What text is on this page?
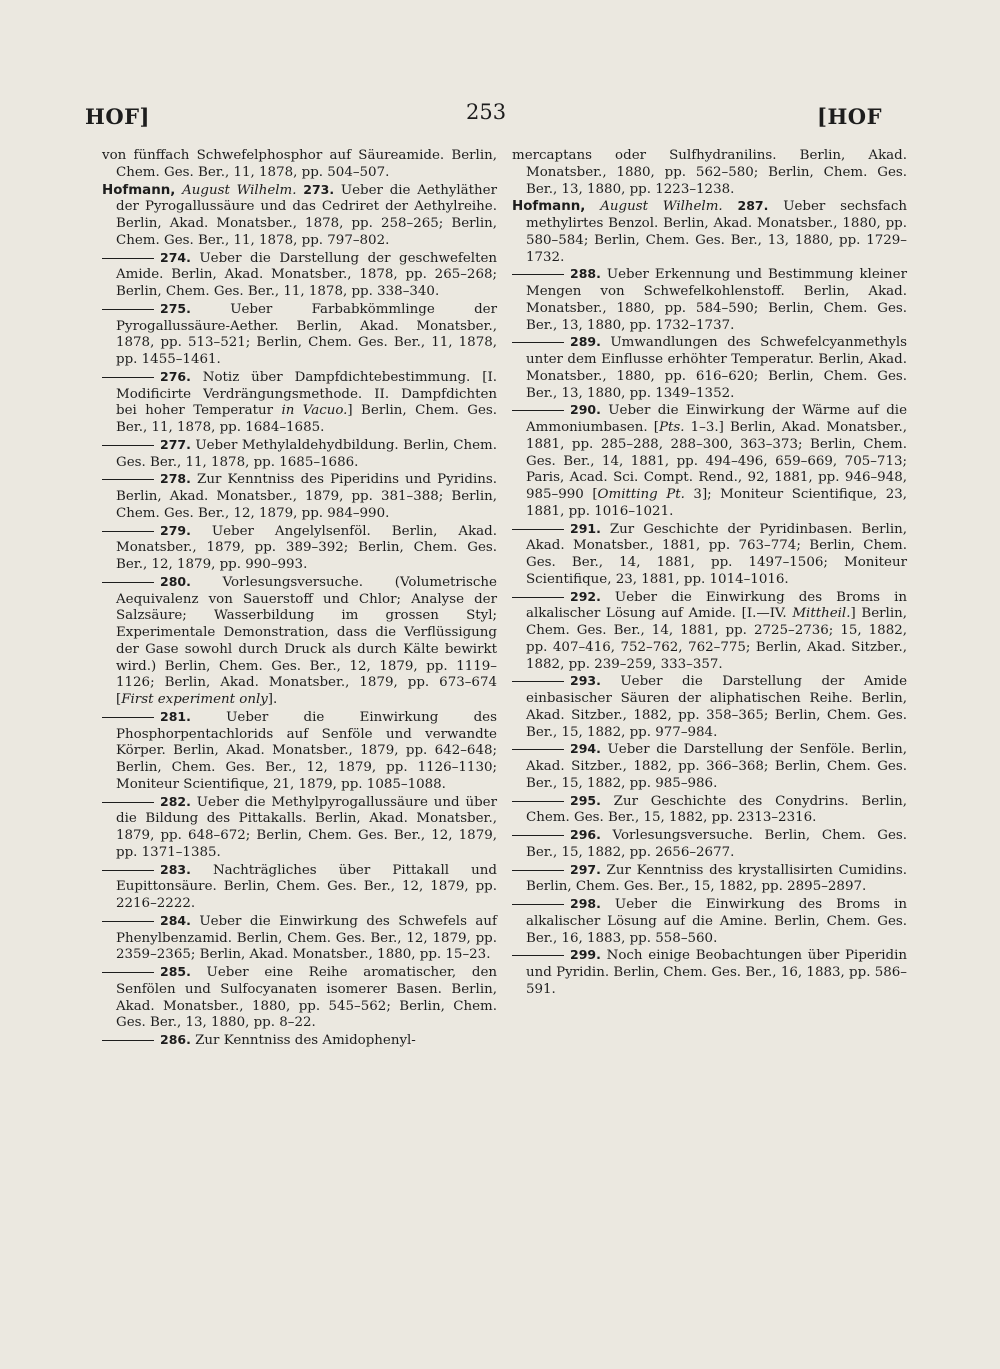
HOF]	253	[HOF

von fünffach Schwefelphosphor auf Säureamide. Berlin, Chem. Ges. Ber., 11, 1878, pp. 504–507.

Hofmann, August Wilhelm. 273. Ueber die Aethyläther der Pyrogallussäure und das Cedriret der Aethylreihe. Berlin, Akad. Monatsber., 1878, pp. 258–265; Berlin, Chem. Ges. Ber., 11, 1878, pp. 797–802.

274. Ueber die Darstellung der geschwefelten Amide. Berlin, Akad. Monatsber., 1878, pp. 265–268; Berlin, Chem. Ges. Ber., 11, 1878, pp. 338–340.

275.	Ueber Farbabkömmlinge der Pyrogallussäure-Aether. Berlin, Akad. Monatsber., 1878, pp. 513–521; Berlin, Chem. Ges. Ber., 11, 1878, pp. 1455–1461.

276. Notiz über Dampfdichtebestimmung. [I. Modificirte Verdrängungsmethode. II. Dampfdichten bei hoher Temperatur in Vacuo.] Berlin, Chem. Ges. Ber., 11, 1878, pp. 1684–1685.

277. Ueber Methylaldehydbildung. Berlin, Chem. Ges. Ber., 11, 1878, pp. 1685–1686.

278. Zur Kenntniss des Piperidins und Pyridins. Berlin, Akad. Monatsber., 1879, pp. 381–388; Berlin, Chem. Ges. Ber., 12, 1879, pp. 984–990.

279. Ueber Angelylsenföl. Berlin, Akad. Monatsber., 1879, pp. 389–392; Berlin, Chem. Ges. Ber., 12, 1879, pp. 990–993.

280. Vorlesungsversuche. (Volumetrische Aequivalenz von Sauerstoff und Chlor; Analyse der Salzsäure; Wasserbildung im grossen Styl; Experimentale Demonstration, dass die Verflüssigung der Gase sowohl durch Druck als durch Kälte bewirkt wird.) Berlin, Chem. Ges. Ber., 12, 1879, pp. 1119–1126; Berlin, Akad. Monatsber., 1879, pp. 673–674 [First experiment only].

281.	Ueber die Einwirkung des Phosphorpentachlorids auf Senföle und verwandte Körper. Berlin, Akad. Monatsber., 1879, pp. 642–648; Berlin, Chem. Ges. Ber., 12, 1879, pp. 1126–1130; Moniteur Scientifique, 21, 1879, pp. 1085–1088.

282. Ueber die Methylpyrogallussäure und über die Bildung des Pittakalls. Berlin, Akad. Monatsber., 1879, pp. 648–672; Berlin, Chem. Ges. Ber., 12, 1879, pp. 1371–1385.

283. Nachträgliches über Pittakall und Eupittonsäure. Berlin, Chem. Ges. Ber., 12, 1879, pp. 2216–2222.

284. Ueber die Einwirkung des Schwefels auf Phenylbenzamid. Berlin, Chem. Ges. Ber., 12, 1879, pp. 2359–2365; Berlin, Akad. Monatsber., 1880, pp. 15–23.

285. Ueber eine Reihe aromatischer, den Senfölen und Sulfocyanaten isomerer Basen. Berlin, Akad. Monatsber., 1880, pp. 545–562; Berlin, Chem. Ges. Ber., 13, 1880, pp. 8–22.

286. Zur Kenntniss des Amidophenyl-

mercaptans oder Sulfhydranilins. Berlin, Akad. Monatsber., 1880, pp. 562–580; Berlin, Chem. Ges. Ber., 13, 1880, pp. 1223–1238.

Hofmann, August Wilhelm. 287. Ueber sechsfach methylirtes Benzol. Berlin, Akad. Monatsber., 1880, pp. 580–584; Berlin, Chem. Ges. Ber., 13, 1880, pp. 1729–1732.

288. Ueber Erkennung und Bestimmung kleiner Mengen von Schwefelkohlenstoff. Berlin, Akad. Monatsber., 1880, pp. 584–590; Berlin, Chem. Ges. Ber., 13, 1880, pp. 1732–1737.

289. Umwandlungen des Schwefelcyanmethyls unter dem Einflusse erhöhter Temperatur. Berlin, Akad. Monatsber., 1880, pp. 616–620; Berlin, Chem. Ges. Ber., 13, 1880, pp. 1349–1352.

290. Ueber die Einwirkung der Wärme auf die Ammoniumbasen. [Pts. 1–3.] Berlin, Akad. Monatsber., 1881, pp. 285–288, 288–300, 363–373; Berlin, Chem. Ges. Ber., 14, 1881, pp. 494–496, 659–669, 705–713; Paris, Acad. Sci. Compt. Rend., 92, 1881, pp. 946–948, 985–990 [Omitting Pt. 3]; Moniteur Scientifique, 23, 1881, pp. 1016–1021.

291. Zur Geschichte der Pyridinbasen. Berlin, Akad. Monatsber., 1881, pp. 763–774; Berlin, Chem. Ges. Ber., 14, 1881, pp. 1497–1506; Moniteur Scientifique, 23, 1881, pp. 1014–1016.

292. Ueber die Einwirkung des Broms in alkalischer Lösung auf Amide. [I.—IV. Mittheil.] Berlin, Chem. Ges. Ber., 14, 1881, pp. 2725–2736; 15, 1882, pp. 407–416, 752–762, 762–775; Berlin, Akad. Sitzber., 1882, pp. 239–259, 333–357.

293. Ueber die Darstellung der Amide einbasischer Säuren der aliphatischen Reihe. Berlin, Akad. Sitzber., 1882, pp. 358–365; Berlin, Chem. Ges. Ber., 15, 1882, pp. 977–984.

294. Ueber die Darstellung der Senföle. Berlin, Akad. Sitzber., 1882, pp. 366–368; Berlin, Chem. Ges. Ber., 15, 1882, pp. 985–986.

295. Zur Geschichte des Conydrins. Berlin, Chem. Ges. Ber., 15, 1882, pp. 2313–2316.

296. Vorlesungsversuche. Berlin, Chem. Ges. Ber., 15, 1882, pp. 2656–2677.

297. Zur Kenntniss des krystallisirten Cumidins. Berlin, Chem. Ges. Ber., 15, 1882, pp. 2895–2897.

298. Ueber die Einwirkung des Broms in alkalischer Lösung auf die Amine. Berlin, Chem. Ges. Ber., 16, 1883, pp. 558–560.

299. Noch einige Beobachtungen über Piperidin und Pyridin. Berlin, Chem. Ges. Ber., 16, 1883, pp. 586–591.
